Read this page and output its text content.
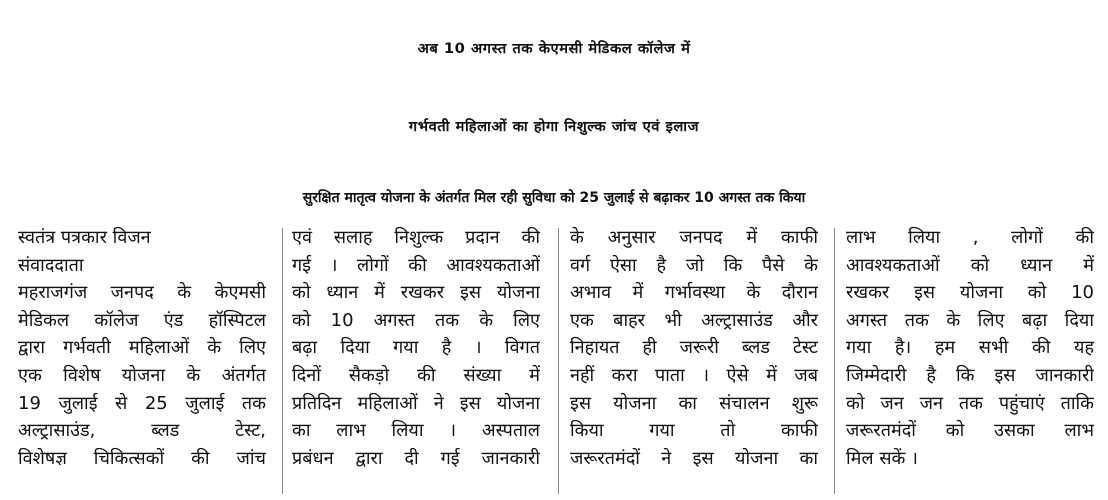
अब 10 अगस्त तक केएमसी मेडिकल कॉलेज में
गर्भवती महिलाओं का होगा निशुल्क जांच एवं इलाज
सुरक्षित मातृत्व योजना के अंतर्गत मिल रही सुविधा को 25 जुलाई से बढ़ाकर 10 अगस्त तक किया
स्वतंत्र पत्रकार विजन
संवाददाता
महराजगंज जनपद के केएमसी
मेडिकल कॉलेज एंड हॉस्पिटल
द्वारा गर्भवती महिलाओं के लिए
एक विशेष योजना के अंतर्गत
19 जुलाई से 25 जुलाई तक
अल्ट्रासाउंड, ब्लड टेस्ट,
विशेषज्ञ चिकित्सकों की जांच
एवं सलाह निशुल्क प्रदान की
गई । लोगों की आवश्यकताओं
को ध्यान में रखकर इस योजना
को 10 अगस्त तक के लिए
बढ़ा दिया गया है । विगत
दिनों सैकड़ो की संख्या में
प्रतिदिन महिलाओं ने इस योजना
का लाभ लिया । अस्पताल
प्रबंधन द्वारा दी गई जानकारी
के अनुसार जनपद में काफी
वर्ग ऐसा है जो कि पैसे के
अभाव में गर्भावस्था के दौरान
एक बाहर भी अल्ट्रासाउंड और
निहायत ही जरूरी ब्लड टेस्ट
नहीं करा पाता । ऐसे में जब
इस योजना का संचालन शुरू
किया गया तो काफी
जरूरतमंदों ने इस योजना का
लाभ लिया , लोगों की
आवश्यकताओं को ध्यान में
रखकर इस योजना को 10
अगस्त तक के लिए बढ़ा दिया
गया है। हम सभी की यह
जिम्मेदारी है कि इस जानकारी
को जन जन तक पहुंचाएं ताकि
जरूरतमंदों को उसका लाभ
मिल सकें ।
